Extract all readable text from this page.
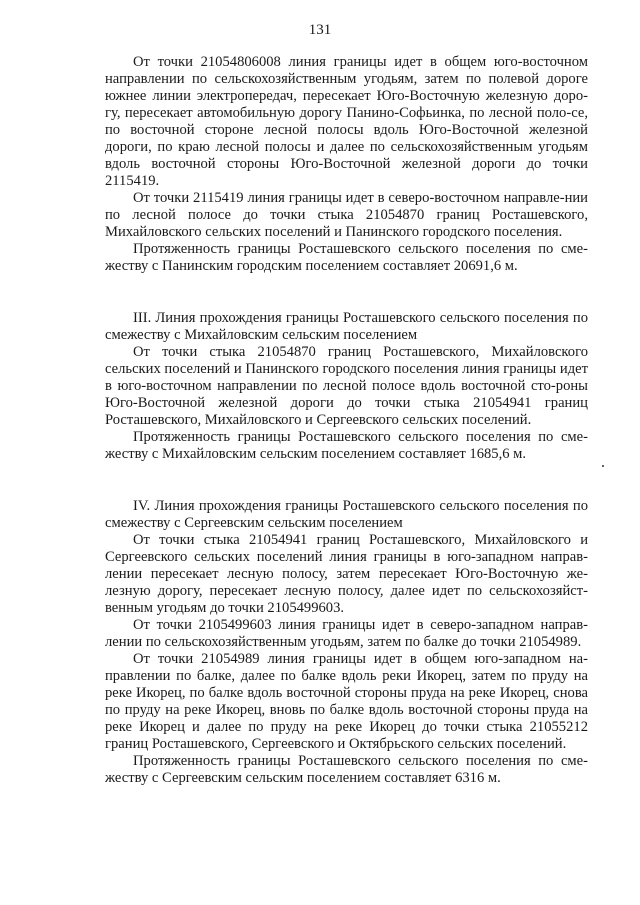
131

От точки 21054806008 линия границы идет в общем юго-восточном направлении по сельскохозяйственным угодьям, затем по полевой дороге южнее линии электропередач, пересекает Юго-Восточную железную доро-гу, пересекает автомобильную дорогу Панино-Софьинка, по лесной поло-се, по восточной стороне лесной полосы вдоль Юго-Восточной железной дороги, по краю лесной полосы и далее по сельскохозяйственным угодьям вдоль восточной стороны Юго-Восточной железной дороги до точки 2115419.

От точки 2115419 линия границы идет в северо-восточном направле-нии по лесной полосе до точки стыка 21054870 границ Росташевского, Михайловского сельских поселений и Панинского городского поселения.

Протяженность границы Росташевского сельского поселения по сме-жеству с Панинским городским поселением составляет 20691,6 м.

III. Линия прохождения границы Росташевского сельского поселения по смежеству с Михайловским сельским поселением

От точки стыка 21054870 границ Росташевского, Михайловского сельских поселений и Панинского городского поселения линия границы идет в юго-восточном направлении по лесной полосе вдоль восточной сто-роны Юго-Восточной железной дороги до точки стыка 21054941 границ Росташевского, Михайловского и Сергеевского сельских поселений.

Протяженность границы Росташевского сельского поселения по сме-жеству с Михайловским сельским поселением составляет 1685,6 м.

IV. Линия прохождения границы Росташевского сельского поселения по смежеству с Сергеевским сельским поселением

От точки стыка 21054941 границ Росташевского, Михайловского и Сергеевского сельских поселений линия границы в юго-западном направ-лении пересекает лесную полосу, затем пересекает Юго-Восточную же-лезную дорогу, пересекает лесную полосу, далее идет по сельскохозяйст-венным угодьям до точки 2105499603.

От точки 2105499603 линия границы идет в северо-западном направ-лении по сельскохозяйственным угодьям, затем по балке до точки 21054989.

От точки 21054989 линия границы идет в общем юго-западном на-правлении по балке, далее по балке вдоль реки Икорец, затем по пруду на реке Икорец, по балке вдоль восточной стороны пруда на реке Икорец, снова по пруду на реке Икорец, вновь по балке вдоль восточной стороны пруда на реке Икорец и далее по пруду на реке Икорец до точки стыка 21055212 границ Росташевского, Сергеевского и Октябрьского сельских поселений.

Протяженность границы Росташевского сельского поселения по сме-жеству с Сергеевским сельским поселением составляет 6316 м.
